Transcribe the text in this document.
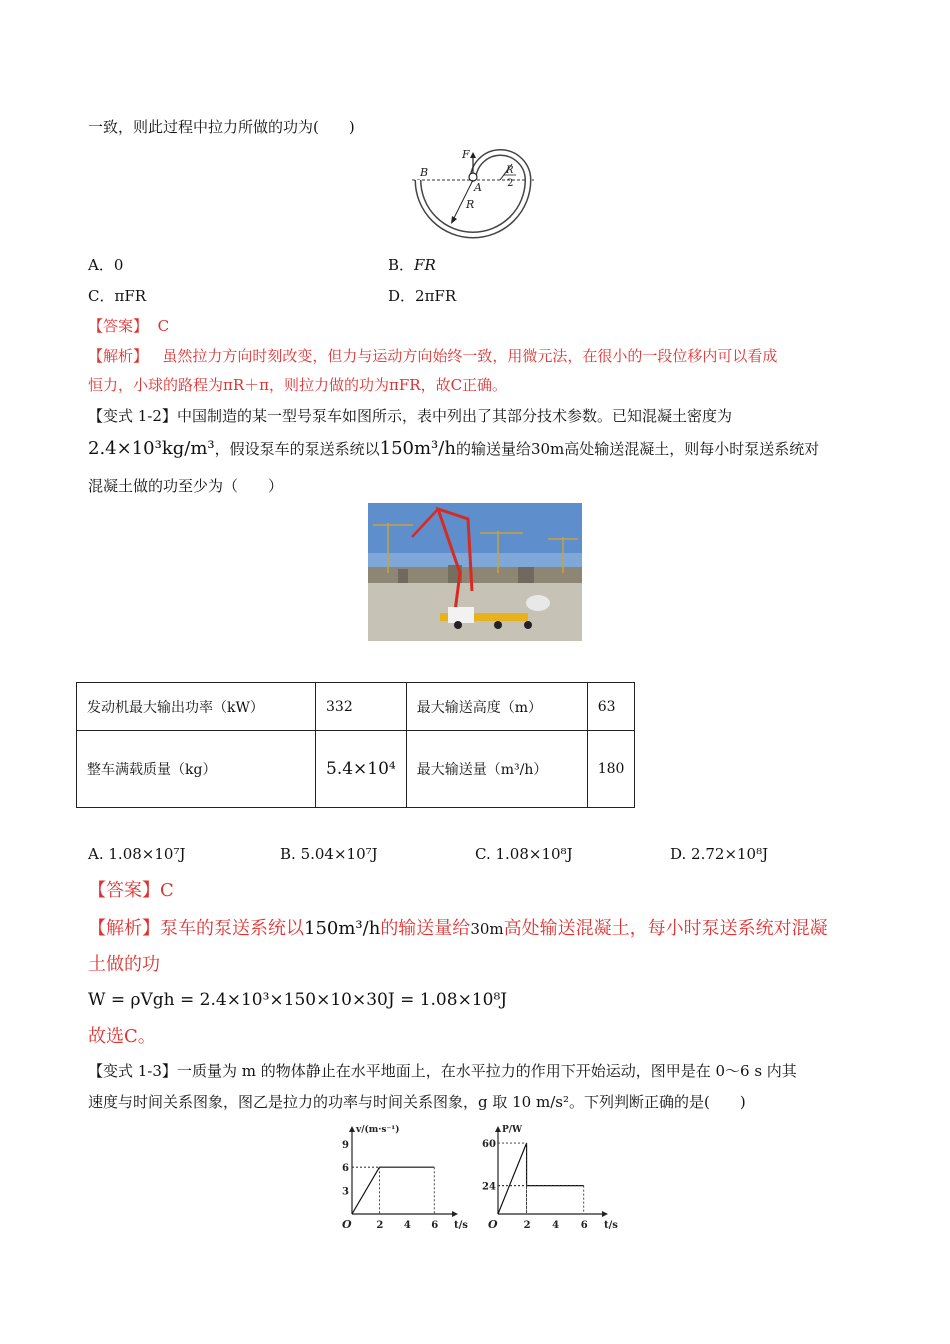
一致，则此过程中拉力所做的功为(　　)
F
B
A
R
R
2
A．0	B．FR
C．πFR	D．2πFR
【答案】 C
【解析】 虽然拉力方向时刻改变，但力与运动方向始终一致，用微元法，在很小的一段位移内可以看成
恒力，小球的路程为πR＋π，则拉力做的功为πFR，故C正确。
【变式 1-2】中国制造的某一型号泵车如图所示，表中列出了其部分技术参数。已知混凝土密度为
2.4×10³kg/m³，假设泵车的泵送系统以150m³/h的输送量给30m高处输送混凝土，则每小时泵送系统对
混凝土做的功至少为（　　）
发动机最大输出功率（kW）	332	最大输送高度（m）	63
整车满载质量（kg）	5.4×10⁴	最大输送量（m³/h）	180
A. 1.08×10⁷J	B. 5.04×10⁷J	C. 1.08×10⁸J	D. 2.72×10⁸J
【答案】C
【解析】泵车的泵送系统以150m³/h的输送量给30m高处输送混凝土，每小时泵送系统对混凝
土做的功
W = ρVgh = 2.4×10³×150×10×30J = 1.08×10⁸J
故选C。
【变式 1-3】一质量为 m 的物体静止在水平地面上，在水平拉力的作用下开始运动，图甲是在 0～6 s 内其
速度与时间关系图象，图乙是拉力的功率与时间关系图象，g 取 10 m/s²。下列判断正确的是(　　)
O	t/s
v/(m·s⁻¹)
2 4 6
3
6
9
O	t/s
P/W
2 4 6
24
60
